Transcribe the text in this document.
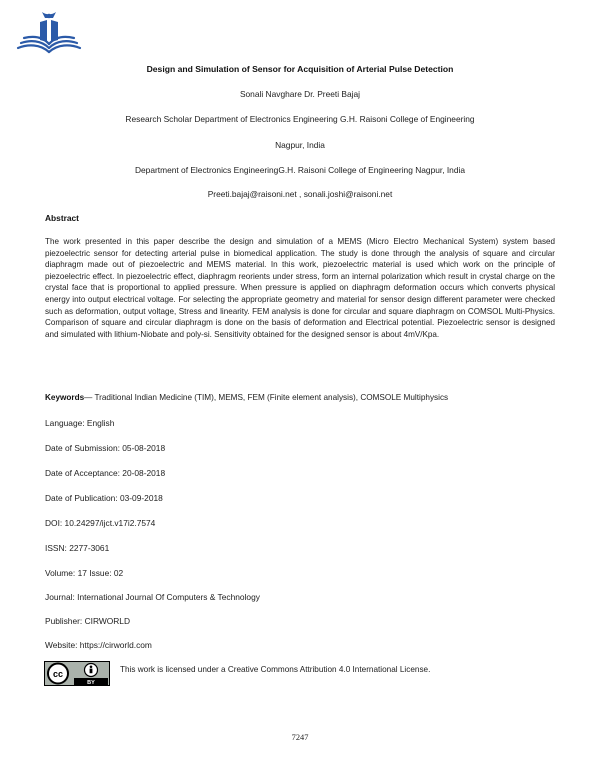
Design and Simulation of Sensor for Acquisition of Arterial Pulse Detection
Sonali Navghare Dr. Preeti Bajaj
Research Scholar Department of Electronics Engineering G.H. Raisoni College of Engineering
Nagpur, India
Department of Electronics EngineeringG.H. Raisoni College of Engineering Nagpur, India
Preeti.bajaj@raisoni.net , sonali.joshi@raisoni.net
Abstract
The work presented in this paper describe the design and simulation of a MEMS (Micro Electro Mechanical System) system based piezoelectric sensor for detecting arterial pulse in biomedical application. The study is done through the analysis of square and circular diaphragm made out of piezoelectric and MEMS material. In this work, piezoelectric material is used which work on the principle of piezoelectric effect. In piezoelectric effect, diaphragm reorients under stress, form an internal polarization which result in crystal charge on the crystal face that is proportional to applied pressure. When pressure is applied on diaphragm deformation occurs which converts physical energy into output electrical voltage. For selecting the appropriate geometry and material for sensor design different parameter were checked such as deformation, output voltage, Stress and linearity. FEM analysis is done for circular and square diaphragm on COMSOL Multi-Physics. Comparison of square and circular diaphragm is done on the basis of deformation and Electrical potential. Piezoelectric sensor is designed and simulated with lithium-Niobate and poly-si. Sensitivity obtained for the designed sensor is about 4mV/Kpa.
Keywords— Traditional Indian Medicine (TIM), MEMS, FEM (Finite element analysis), COMSOLE Multiphysics
Language: English
Date of Submission: 05-08-2018
Date of Acceptance: 20-08-2018
Date of Publication: 03-09-2018
DOI: 10.24297/ijct.v17i2.7574
ISSN: 2277-3061
Volume: 17 Issue: 02
Journal: International Journal Of Computers & Technology
Publisher: CIRWORLD
Website: https://cirworld.com
cc
BY
This work is licensed under a Creative Commons Attribution 4.0 International License.
7247
